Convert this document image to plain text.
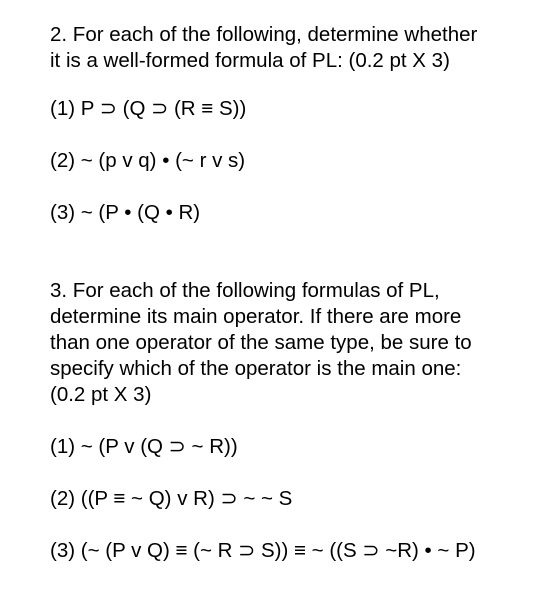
2. For each of the following, determine whether
it is a well-formed formula of PL: (0.2 pt X 3)

(1) P ⊃ (Q ⊃ (R ≡ S))
(2) ~ (p v q) • (~ r v s)
(3) ~ (P • (Q • R)

3. For each of the following formulas of PL,
determine its main operator. If there are more
than one operator of the same type, be sure to
specify which of the operator is the main one:
(0.2 pt X 3)

(1) ~ (P v (Q ⊃ ~ R))
(2) ((P ≡ ~ Q) v R) ⊃ ~ ~ S
(3) (~ (P v Q) ≡ (~ R ⊃ S)) ≡ ~ ((S ⊃ ~R) • ~ P)
